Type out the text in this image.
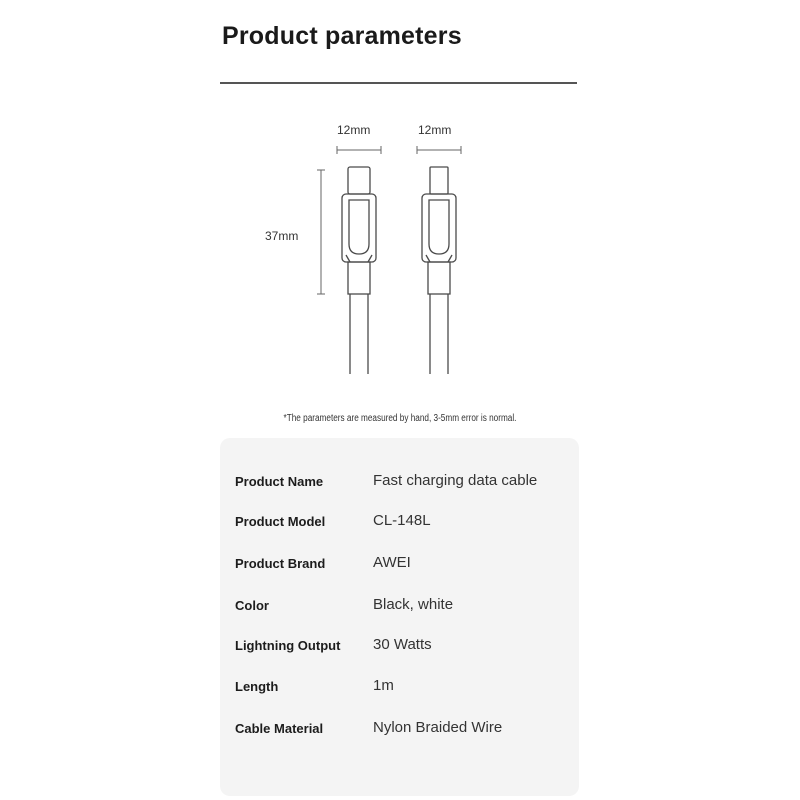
Product parameters
12mm	12mm
37mm
*The parameters are measured by hand, 3-5mm error is normal.
Product Name	Fast charging data cable
Product Model	CL-148L
Product Brand	AWEI
Color	Black, white
Lightning Output 30 Watts
Length	1m
Cable Material	Nylon Braided Wire
